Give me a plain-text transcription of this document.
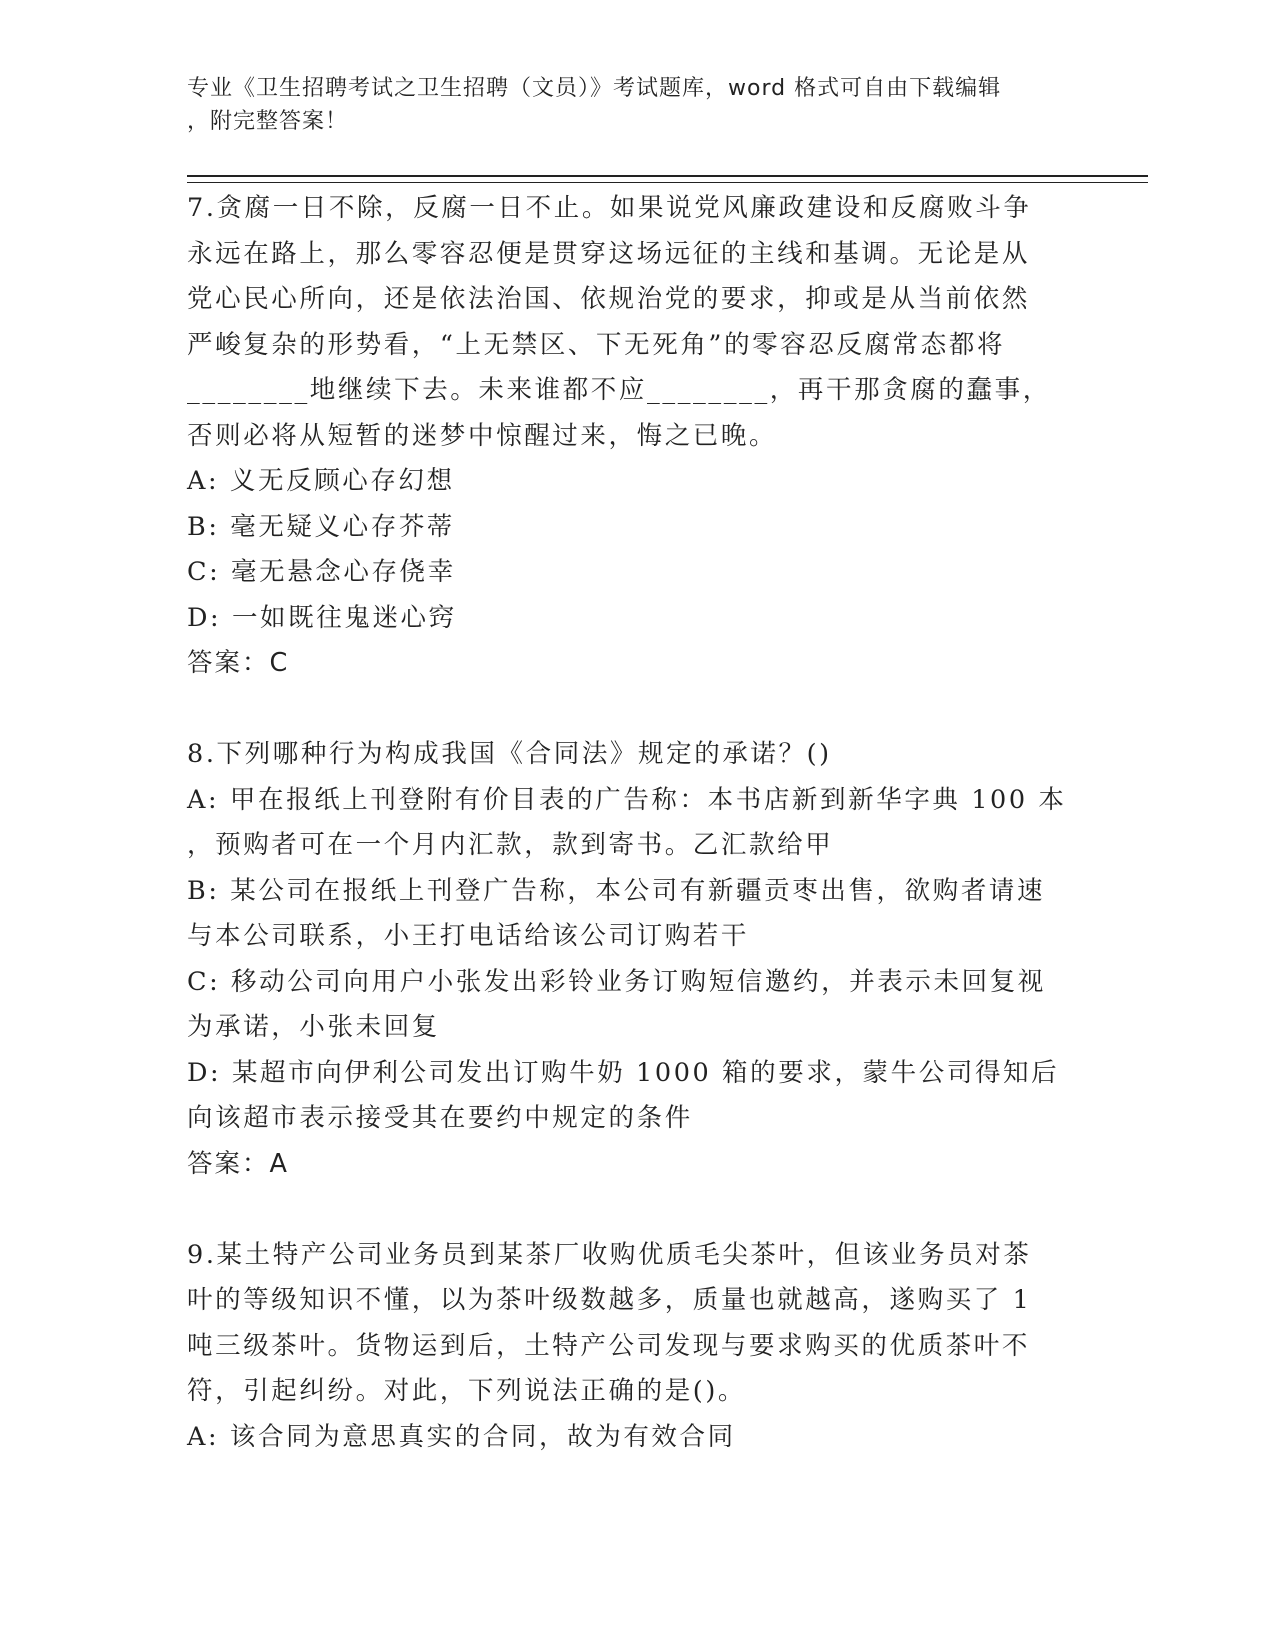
专业《卫生招聘考试之卫生招聘（文员）》考试题库，word 格式可自由下载编辑
，附完整答案！
7.贪腐一日不除，反腐一日不止。如果说党风廉政建设和反腐败斗争
永远在路上，那么零容忍便是贯穿这场远征的主线和基调。无论是从
党心民心所向，还是依法治国、依规治党的要求，抑或是从当前依然
严峻复杂的形势看，“上无禁区、下无死角”的零容忍反腐常态都将
________地继续下去。未来谁都不应________，再干那贪腐的蠢事，
否则必将从短暂的迷梦中惊醒过来，悔之已晚。
A: 义无反顾心存幻想
B: 毫无疑义心存芥蒂
C: 毫无悬念心存侥幸
D: 一如既往鬼迷心窍
答案：C
8.下列哪种行为构成我国《合同法》规定的承诺？()
A: 甲在报纸上刊登附有价目表的广告称：本书店新到新华字典 100 本
，预购者可在一个月内汇款，款到寄书。乙汇款给甲
B: 某公司在报纸上刊登广告称，本公司有新疆贡枣出售，欲购者请速
与本公司联系，小王打电话给该公司订购若干
C: 移动公司向用户小张发出彩铃业务订购短信邀约，并表示未回复视
为承诺，小张未回复
D: 某超市向伊利公司发出订购牛奶 1000 箱的要求，蒙牛公司得知后
向该超市表示接受其在要约中规定的条件
答案：A
9.某土特产公司业务员到某茶厂收购优质毛尖茶叶，但该业务员对茶
叶的等级知识不懂，以为茶叶级数越多，质量也就越高，遂购买了 1
吨三级茶叶。货物运到后，土特产公司发现与要求购买的优质茶叶不
符，引起纠纷。对此，下列说法正确的是()。
A: 该合同为意思真实的合同，故为有效合同
